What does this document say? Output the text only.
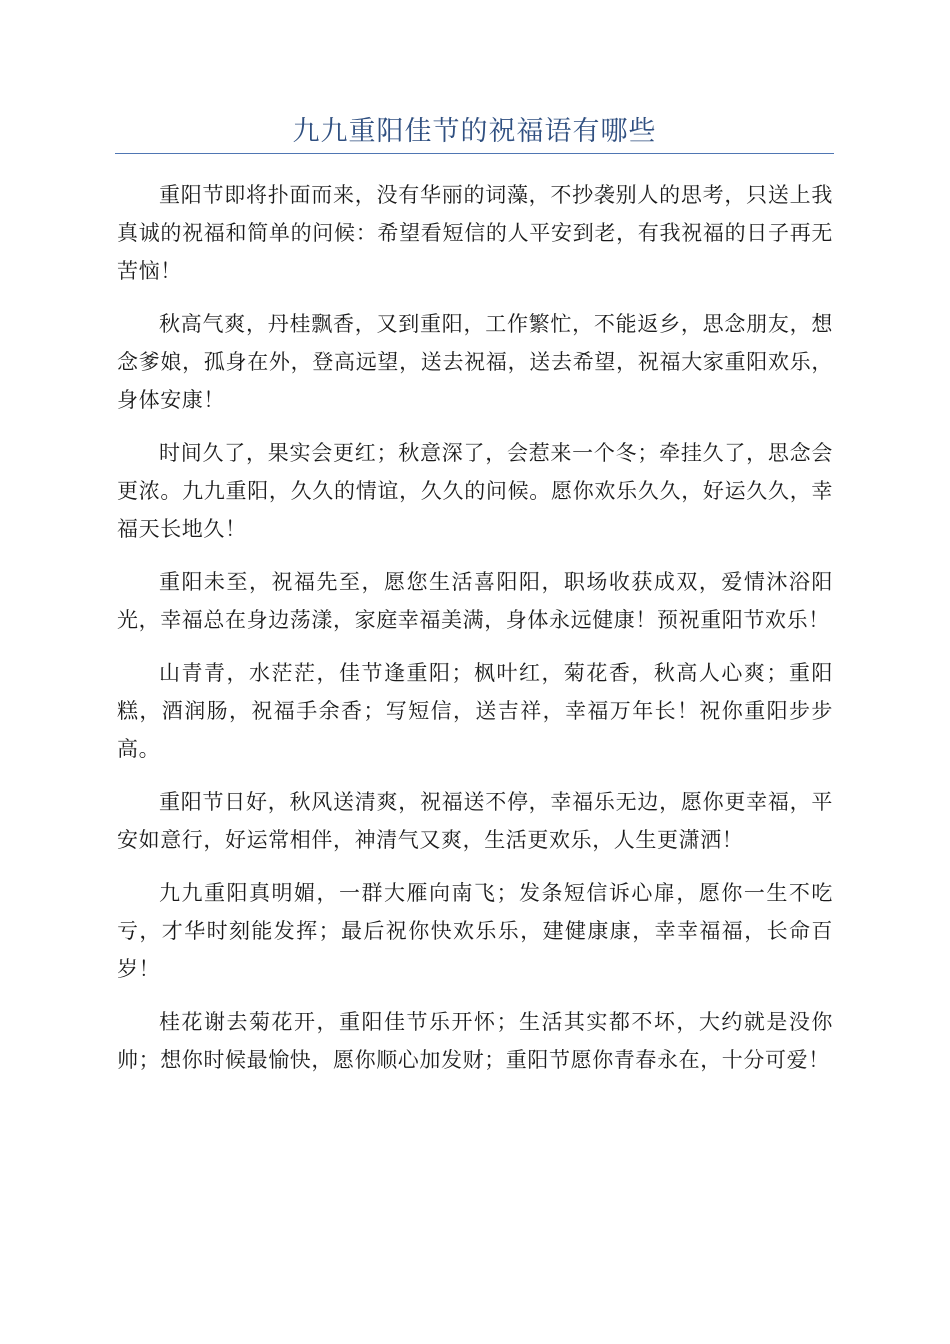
九九重阳佳节的祝福语有哪些

重阳节即将扑面而来，没有华丽的词藻，不抄袭别人的思考，只送上我真诚的祝福和简单的问候：希望看短信的人平安到老，有我祝福的日子再无苦恼！

秋高气爽，丹桂飘香，又到重阳，工作繁忙，不能返乡，思念朋友，想念爹娘，孤身在外，登高远望，送去祝福，送去希望，祝福大家重阳欢乐，身体安康！

时间久了，果实会更红；秋意深了，会惹来一个冬；牵挂久了，思念会更浓。九九重阳，久久的情谊，久久的问候。愿你欢乐久久，好运久久，幸福天长地久！

重阳未至，祝福先至，愿您生活喜阳阳，职场收获成双，爱情沐浴阳光，幸福总在身边荡漾，家庭幸福美满，身体永远健康！预祝重阳节欢乐！

山青青，水茫茫，佳节逢重阳；枫叶红，菊花香，秋高人心爽；重阳糕，酒润肠，祝福手余香；写短信，送吉祥，幸福万年长！祝你重阳步步高。

重阳节日好，秋风送清爽，祝福送不停，幸福乐无边，愿你更幸福，平安如意行，好运常相伴，神清气又爽，生活更欢乐，人生更潇洒！

九九重阳真明媚，一群大雁向南飞；发条短信诉心扉，愿你一生不吃亏，才华时刻能发挥；最后祝你快欢乐乐，建健康康，幸幸福福，长命百岁！

桂花谢去菊花开，重阳佳节乐开怀；生活其实都不坏，大约就是没你帅；想你时候最愉快，愿你顺心加发财；重阳节愿你青春永在，十分可爱！
